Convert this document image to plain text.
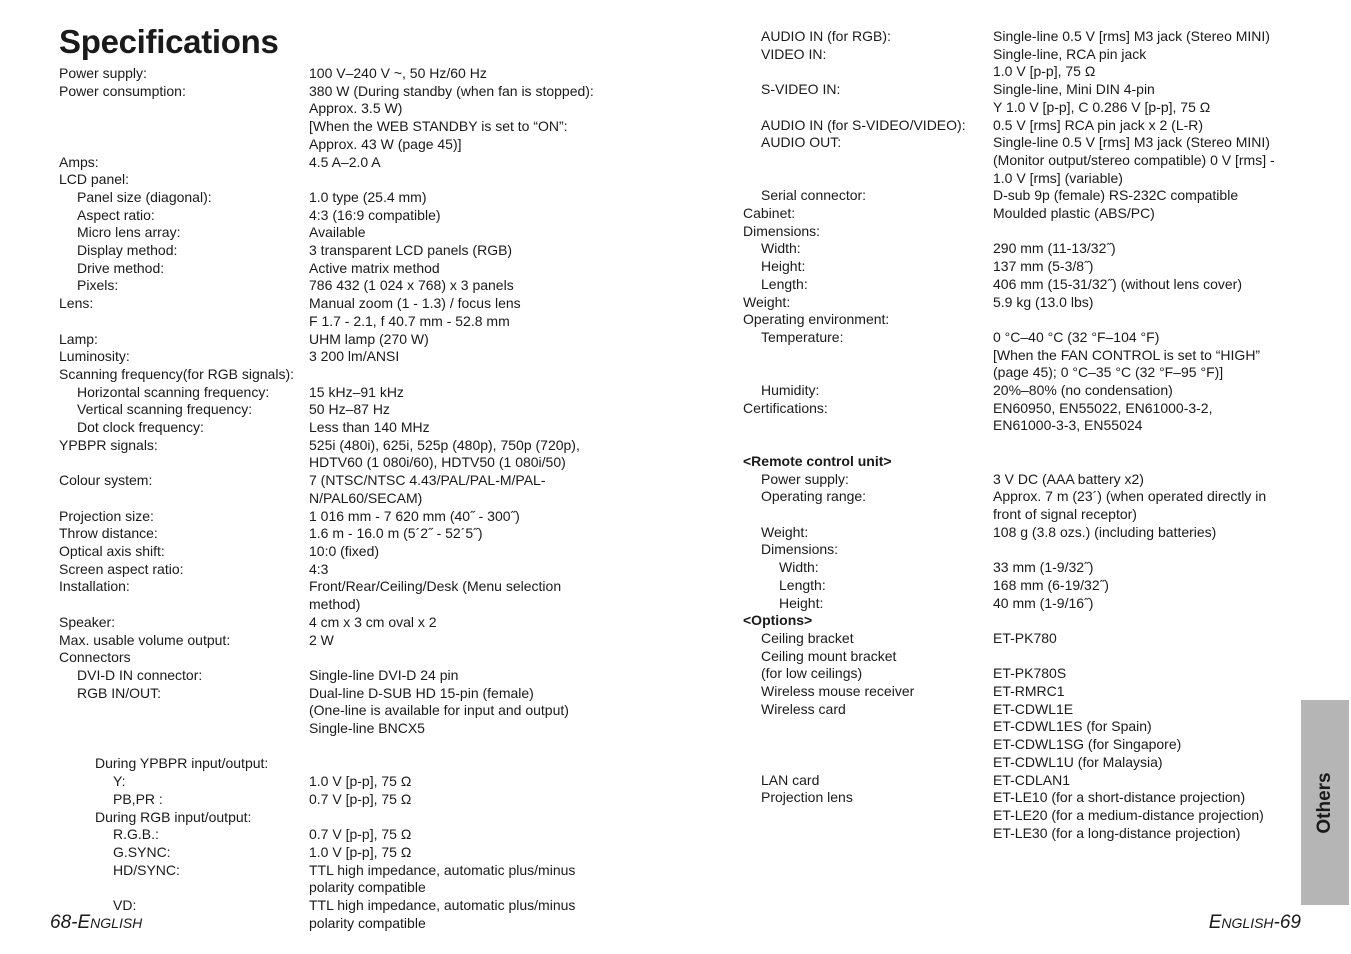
Specifications
Power supply:	100 V–240 V ~, 50 Hz/60 Hz
Power consumption:	380 W (During standby (when fan is stopped):
Approx. 3.5 W)
[When the WEB STANDBY is set to “ON”:
Approx. 43 W (page 45)]
Amps:	4.5 A–2.0 A
LCD panel:

Panel size (diagonal):	1.0 type (25.4 mm)
Aspect ratio:	4:3 (16:9 compatible)
Micro lens array:	Available
Display method:	3 transparent LCD panels (RGB)
Drive method:	Active matrix method
Pixels:	786 432 (1 024 x 768) x 3 panels
Lens:	Manual zoom (1 - 1.3) / focus lens
F 1.7 - 2.1, f 40.7 mm - 52.8 mm
Lamp:	UHM lamp (270 W)
Luminosity:	3 200 lm/ANSI
Scanning frequency(for RGB signals):

Horizontal scanning frequency:	15 kHz–91 kHz
Vertical scanning frequency:	50 Hz–87 Hz
Dot clock frequency:	Less than 140 MHz
YPBPR signals:	525i (480i), 625i, 525p (480p), 750p (720p),
HDTV60 (1 080i/60), HDTV50 (1 080i/50)
Colour system:	7 (NTSC/NTSC 4.43/PAL/PAL-M/PAL-
N/PAL60/SECAM)
Projection size:	1 016 mm - 7 620 mm (40˝ - 300˝)
Throw distance:	1.6 m - 16.0 m (5´2˝ - 52´5˝)
Optical axis shift:	10:0 (fixed)
Screen aspect ratio:	4:3
Installation:	Front/Rear/Ceiling/Desk (Menu selection
method)
Speaker:	4 cm x 3 cm oval x 2
Max. usable volume output:	2 W
Connectors

DVI-D IN connector:	Single-line DVI-D 24 pin
RGB IN/OUT:	Dual-line D-SUB HD 15-pin (female)
(One-line is available for input and output)
Single-line BNCX5

During YPBPR input/output:

Y:	1.0 V [p-p], 75 Ω
PB,PR :	0.7 V [p-p], 75 Ω
During RGB input/output:

R.G.B.:	0.7 V [p-p], 75 Ω
G.SYNC:	1.0 V [p-p], 75 Ω
HD/SYNC:	TTL high impedance, automatic plus/minus
polarity compatible
VD:	TTL high impedance, automatic plus/minus
polarity compatible
AUDIO IN (for RGB):	Single-line 0.5 V [rms] M3 jack (Stereo MINI)
VIDEO IN:	Single-line, RCA pin jack
1.0 V [p-p], 75 Ω
S-VIDEO IN:	Single-line, Mini DIN 4-pin
Y 1.0 V [p-p], C 0.286 V [p-p], 75 Ω
AUDIO IN (for S-VIDEO/VIDEO): 0.5 V [rms] RCA pin jack x 2 (L-R)
AUDIO OUT:	Single-line 0.5 V [rms] M3 jack (Stereo MINI)
(Monitor output/stereo compatible) 0 V [rms] -
1.0 V [rms] (variable)
Serial connector:	D-sub 9p (female) RS-232C compatible
Cabinet:	Moulded plastic (ABS/PC)
Dimensions:

Width:	290 mm (11-13/32˝)
Height:	137 mm (5-3/8˝)
Length:	406 mm (15-31/32˝) (without lens cover)
Weight:	5.9 kg (13.0 lbs)
Operating environment:

Temperature:	0 °C–40 °C (32 °F–104 °F)
[When the FAN CONTROL is set to “HIGH”
(page 45); 0 °C–35 °C (32 °F–95 °F)]
Humidity:	20%–80% (no condensation)
Certifications:	EN60950, EN55022, EN61000-3-2,
EN61000-3-3, EN55024

<Remote control unit>

Power supply:	3 V DC (AAA battery x2)
Operating range:	Approx. 7 m (23´) (when operated directly in
front of signal receptor)
Weight:	108 g (3.8 ozs.) (including batteries)
Dimensions:

Width:	33 mm (1-9/32˝)
Length:	168 mm (6-19/32˝)
Height:	40 mm (1-9/16˝)
<Options>

Ceiling bracket	ET-PK780
Ceiling mount bracket

(for low ceilings)	ET-PK780S
Wireless mouse receiver	ET-RMRC1
Wireless card	ET-CDWL1E
ET-CDWL1ES (for Spain)
ET-CDWL1SG (for Singapore)
ET-CDWL1U (for Malaysia)
LAN card	ET-CDLAN1
Projection lens	ET-LE10 (for a short-distance projection)
ET-LE20 (for a medium-distance projection)
ET-LE30 (for a long-distance projection)
68-ENGLISH	ENGLISH-69
Others
